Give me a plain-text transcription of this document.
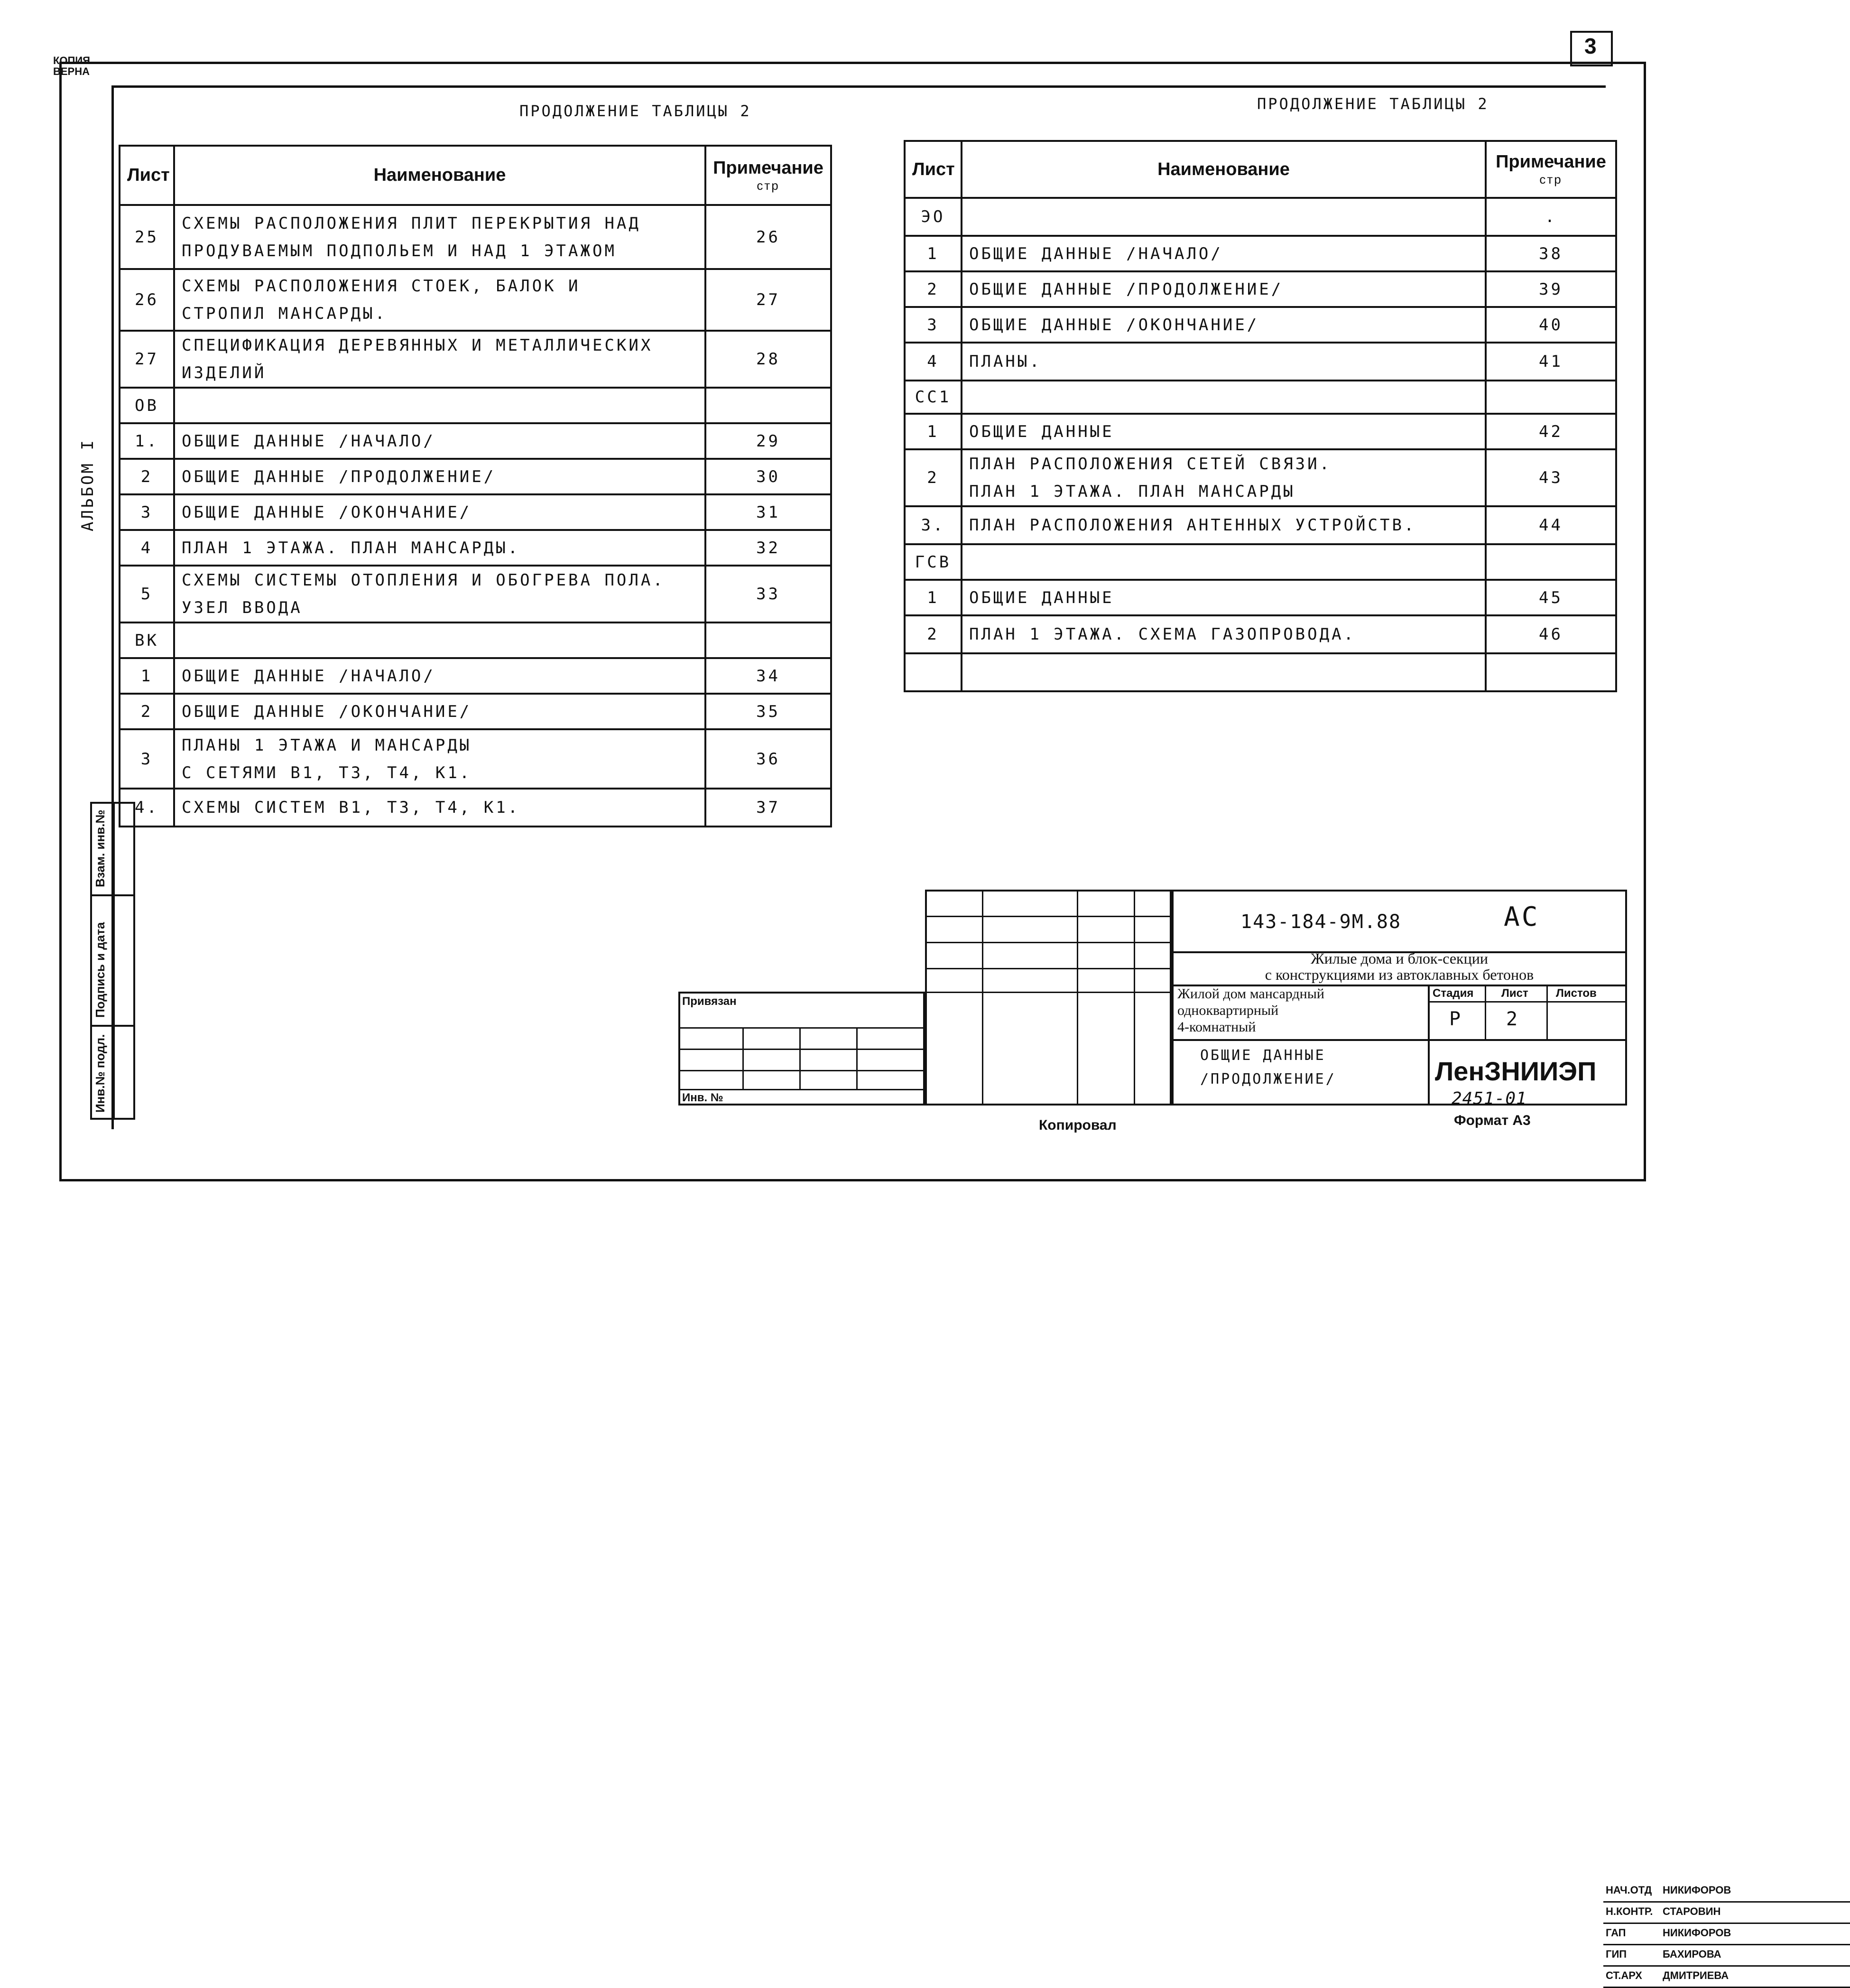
3
КОПИЯ
ВЕРНА
АЛЬБОМ I
ПРОДОЛЖЕНИЕ ТАБЛИЦЫ 2
Лист	Наименование	Примечание
стр

25	СХЕМЫ РАСПОЛОЖЕНИЯ ПЛИТ ПЕРЕКРЫТИЯ НАД
ПРОДУВАЕМЫМ ПОДПОЛЬЕМ И НАД 1 ЭТАЖОМ	26
26	СХЕМЫ РАСПОЛОЖЕНИЯ СТОЕК, БАЛОК И
СТРОПИЛ МАНСАРДЫ.	27
27	СПЕЦИФИКАЦИЯ ДЕРЕВЯННЫХ И МЕТАЛЛИЧЕСКИХ ИЗДЕЛИЙ	28
ОВ		
1.	ОБЩИЕ ДАННЫЕ /НАЧАЛО/	29
2	ОБЩИЕ ДАННЫЕ /ПРОДОЛЖЕНИЕ/	30
3	ОБЩИЕ ДАННЫЕ /ОКОНЧАНИЕ/	31
4	ПЛАН 1 ЭТАЖА. ПЛАН МАНСАРДЫ.	32
5	СХЕМЫ СИСТЕМЫ ОТОПЛЕНИЯ И ОБОГРЕВА ПОЛА.
УЗЕЛ ВВОДА	33
ВК		
1	ОБЩИЕ ДАННЫЕ /НАЧАЛО/	34
2	ОБЩИЕ ДАННЫЕ /ОКОНЧАНИЕ/	35
3	ПЛАНЫ 1 ЭТАЖА И МАНСАРДЫ
С СЕТЯМИ В1, Т3, Т4, К1.	36
4.	СХЕМЫ СИСТЕМ В1, Т3, Т4, К1.	37
ПРОДОЛЖЕНИЕ ТАБЛИЦЫ 2
Лист	Наименование	Примечание
стр

ЭО		.
1	ОБЩИЕ ДАННЫЕ /НАЧАЛО/	38
2	ОБЩИЕ ДАННЫЕ /ПРОДОЛЖЕНИЕ/	39
3	ОБЩИЕ ДАННЫЕ /ОКОНЧАНИЕ/	40
4	ПЛАНЫ.	41
СС1		
1	ОБЩИЕ ДАННЫЕ	42
2	ПЛАН РАСПОЛОЖЕНИЯ СЕТЕЙ СВЯЗИ.
ПЛАН 1 ЭТАЖА. ПЛАН МАНСАРДЫ	43
3.	ПЛАН РАСПОЛОЖЕНИЯ АНТЕННЫХ УСТРОЙСТВ.	44
ГСВ		
1	ОБЩИЕ ДАННЫЕ	45
2	ПЛАН 1 ЭТАЖА. СХЕМА ГАЗОПРОВОДА.	46

Инв.№ подл.
Подпись и дата
Взам. инв.№
Привязан
Инв. №
НАЧ.ОТД НИКИФОРОВ
Н.КОНТР. СТАРОВИН
ГАП	НИКИФОРОВ
ГИП	БАХИРОВА
СТ.АРХ ДМИТРИЕВА
143-184-9М.88	АС
Жилые дома и блок-секции
с конструкциями из автоклавных бетонов
Жилой дом мансардный
одноквартирный
4-комнатный
ОБЩИЕ ДАННЫЕ
/ПРОДОЛЖЕНИЕ/
Стадия Лист Листов
Р 2
ЛенЗНИИЭП
Копировал
2451-01
Формат А3
